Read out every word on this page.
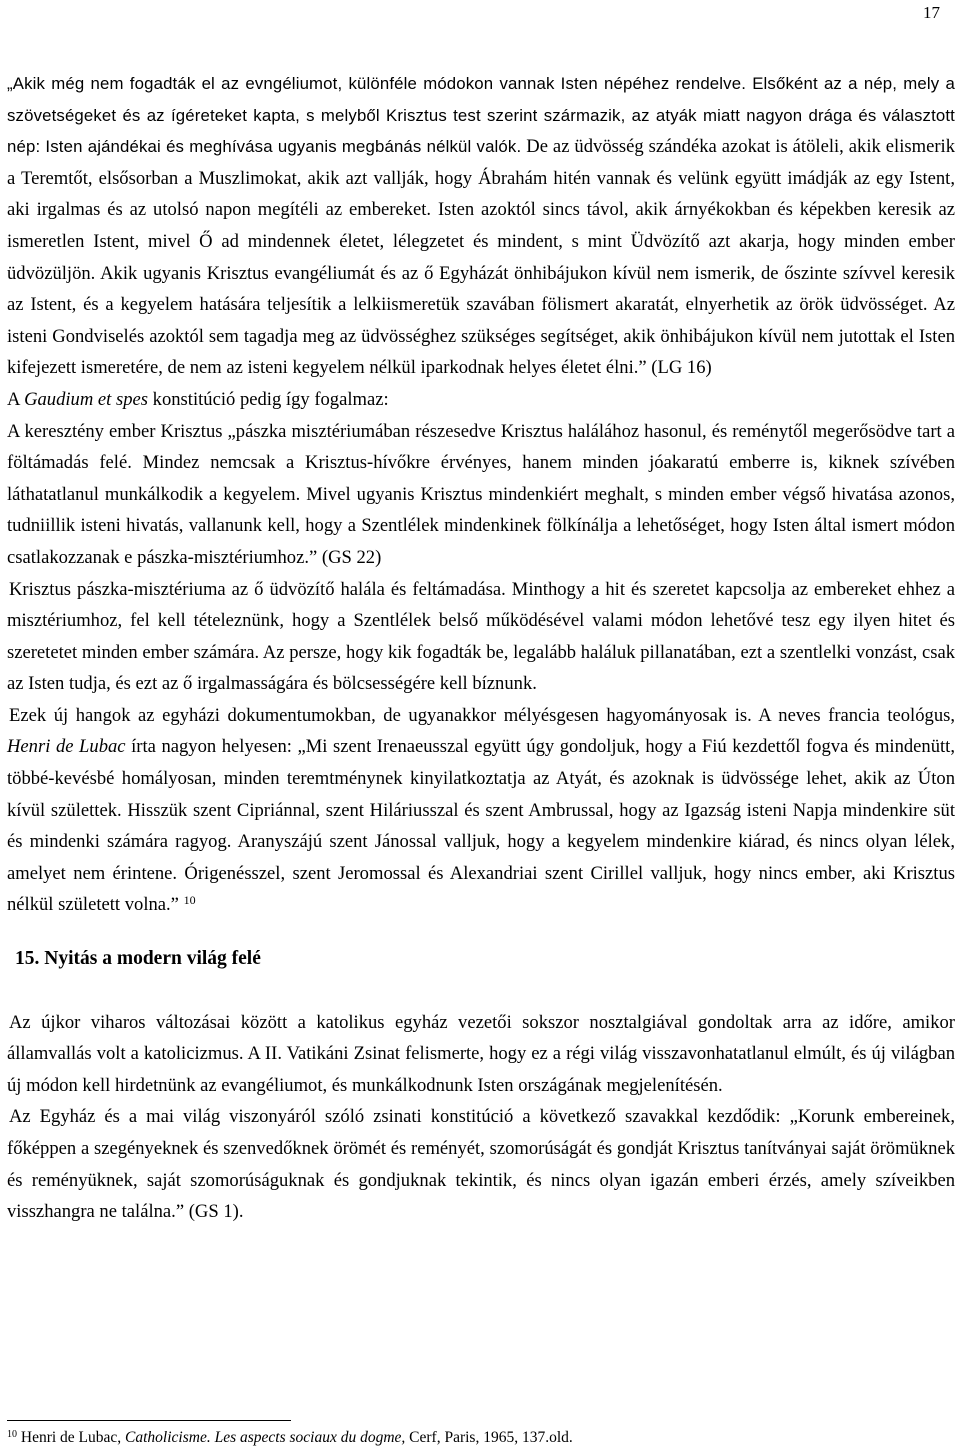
17

„Akik még nem fogadták el az evngéliumot, különféle módokon vannak Isten népéhez rendelve. Elsőként az a nép, mely a szövetségeket és az ígéreteket kapta, s melyből Krisztus test szerint származik, az atyák miatt nagyon drága és választott nép: Isten ajándékai és meghívása ugyanis megbánás nélkül valók. De az üdvösség szándéka azokat is átöleli, akik elismerik a Teremtőt, elsősorban a Muszlimokat, akik azt vallják, hogy Ábrahám hitén vannak és velünk együtt imádják az egy Istent, aki irgalmas és az utolsó napon megítéli az embereket. Isten azoktól sincs távol, akik árnyékokban és képekben keresik az ismeretlen Istent, mivel Ő ad mindennek életet, lélegzetet és mindent, s mint Üdvözítő azt akarja, hogy minden ember üdvözüljön. Akik ugyanis Krisztus evangéliumát és az ő Egyházát önhibájukon kívül nem ismerik, de őszinte szívvel keresik az Istent, és a kegyelem hatására teljesítik a lelkiismeretük szavában fölismert akaratát, elnyerhetik az örök üdvösséget. Az isteni Gondviselés azoktól sem tagadja meg az üdvösséghez szükséges segítséget, akik önhibájukon kívül nem jutottak el Isten kifejezett ismeretére, de nem az isteni kegyelem nélkül iparkodnak helyes életet élni.” (LG 16)

A Gaudium et spes konstitúció pedig így fogalmaz:

A keresztény ember Krisztus „pászka misztériumában részesedve Krisztus halálához hasonul, és reménytől megerősödve tart a föltámadás felé. Mindez nemcsak a Krisztus-hívőkre érvényes, hanem minden jóakaratú emberre is, kiknek szívében láthatatlanul munkálkodik a kegyelem. Mivel ugyanis Krisztus mindenkiért meghalt, s minden ember végső hivatása azonos, tudniillik isteni hivatás, vallanunk kell, hogy a Szentlélek mindenkinek fölkínálja a lehetőséget, hogy Isten által ismert módon csatlakozzanak e pászka-misztériumhoz.” (GS 22)

Krisztus pászka-misztériuma az ő üdvözítő halála és feltámadása. Minthogy a hit és szeretet kapcsolja az embereket ehhez a misztériumhoz, fel kell tételeznünk, hogy a Szentlélek belső működésével valami módon lehetővé tesz egy ilyen hitet és szeretetet minden ember számára. Az persze, hogy kik fogadták be, legalább haláluk pillanatában, ezt a szentlelki vonzást, csak az Isten tudja, és ezt az ő irgalmasságára és bölcsességére kell bíznunk.

Ezek új hangok az egyházi dokumentumokban, de ugyanakkor mélyésgesen hagyományosak is. A neves francia teológus, Henri de Lubac írta nagyon helyesen: „Mi szent Irenaeusszal együtt úgy gondoljuk, hogy a Fiú kezdettől fogva és mindenütt, többé-kevésbé homályosan, minden teremtménynek kinyilatkoztatja az Atyát, és azoknak is üdvössége lehet, akik az Úton kívül születtek. Hisszük szent Cipriánnal, szent Hiláriusszal és szent Ambrussal, hogy az Igazság isteni Napja mindenkire süt és mindenki számára ragyog. Aranyszájú szent Jánossal valljuk, hogy a kegyelem mindenkire kiárad, és nincs olyan lélek, amelyet nem érintene. Órigenésszel, szent Jeromossal és Alexandriai szent Cirillel valljuk, hogy nincs ember, aki Krisztus nélkül született volna.” $^{10}$

15. Nyitás a modern világ felé

Az újkor viharos változásai között a katolikus egyház vezetői sokszor nosztalgiával gondoltak arra az időre, amikor államvallás volt a katolicizmus. A II. Vatikáni Zsinat felismerte, hogy ez a régi világ visszavonhatatlanul elmúlt, és új világban új módon kell hirdetnünk az evangéliumot, és munkálkodnunk Isten országának megjelenítésén.

Az Egyház és a mai világ viszonyáról szóló zsinati konstitúció a következő szavakkal kezdődik: „Korunk embereinek, főképpen a szegényeknek és szenvedőknek örömét és reményét, szomorúságát és gondját Krisztus tanítványai saját örömüknek és reményüknek, saját szomorúságuknak és gondjuknak tekintik, és nincs olyan igazán emberi érzés, amely szíveikben visszhangra ne találna.” (GS 1).

$^{10}$ Henri de Lubac, Catholicisme. Les aspects sociaux du dogme, Cerf, Paris, 1965, 137.old.
